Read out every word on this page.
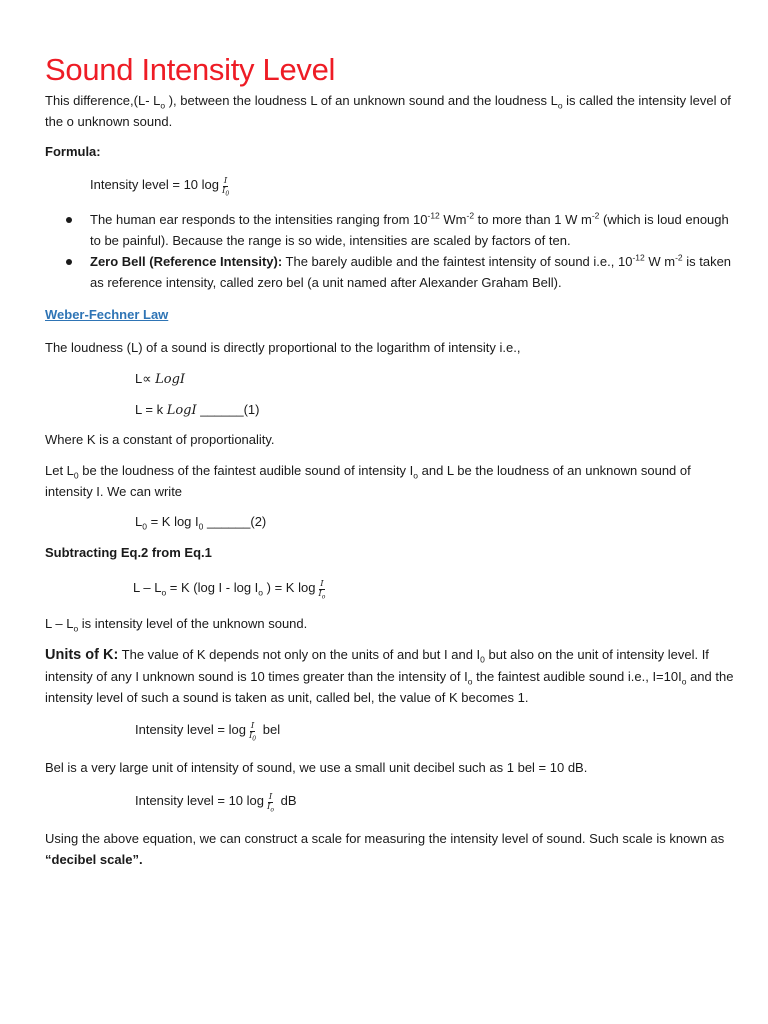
Sound Intensity Level
This difference,(L- $L_o$ ), between the loudness L of an unknown sound and the loudness $L_o$ is called the intensity level of the o unknown sound.
Formula:
Intensity level = 10 $\log \frac{I}{I_0}$
The human ear responds to the intensities ranging from $10^{-12}$ $Wm^{-2}$ to more than 1 W $m^{-2}$ (which is loud enough to be painful). Because the range is so wide, intensities are scaled by factors of ten.
Zero Bell (Reference Intensity): The barely audible and the faintest intensity of sound i.e., $10^{-12}$ W $m^{-2}$ is taken as reference intensity, called zero bel (a unit named after Alexander Graham Bell).
Weber-Fechner Law
The loudness (L) of a sound is directly proportional to the logarithm of intensity i.e.,
L∝ LogI
L = k LogI ______(1)
Where K is a constant of proportionality.
Let $L_0$ be the loudness of the faintest audible sound of intensity $I_o$ and L be the loudness of an unknown sound of intensity I. We can write
$L_0 = K$ $\log I_0$ ______(2)
Subtracting Eq.2 from Eq.1
$L - L_o = K$ (log I - $\log I_o$ ) = K $\log \frac{I}{I_o}$
L – $L_o$ is intensity level of the unknown sound.
Units of K: The value of K depends not only on the units of and but I and $I_0$ but also on the unit of intensity level. If intensity of any I unknown sound is 10 times greater than the intensity of $I_o$ the faintest audible sound i.e., $I=10I_o$ and the intensity level of such a sound is taken as unit, called bel, the value of K becomes 1.
Intensity level = $\log \frac{I}{I_0}$ bel
Bel is a very large unit of intensity of sound, we use a small unit decibel such as 1 bel = 10 dB.
Intensity level = 10 $\log \frac{I}{I_o}$ dB
Using the above equation, we can construct a scale for measuring the intensity level of sound. Such scale is known as “decibel scale”.
